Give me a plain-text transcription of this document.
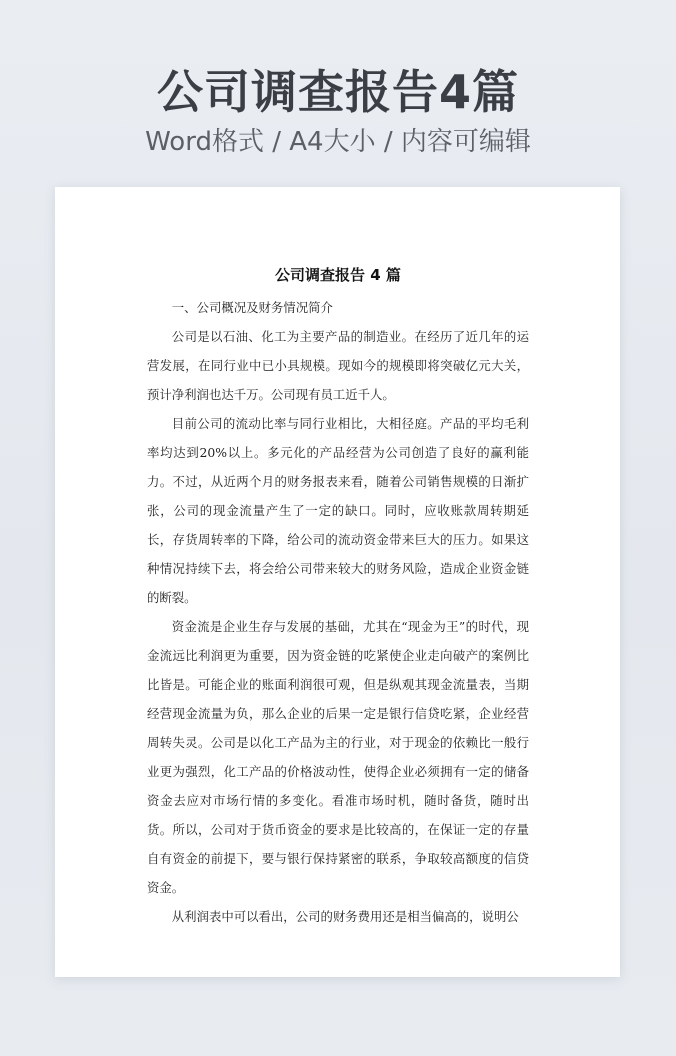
公司调查报告4篇
Word格式 / A4大小 / 内容可编辑
公司调查报告 4 篇

一、公司概况及财务情况简介

公司是以石油、化工为主要产品的制造业。在经历了近几年的运营发展，在同行业中已小具规模。现如今的规模即将突破亿元大关，预计净利润也达千万。公司现有员工近千人。

目前公司的流动比率与同行业相比，大相径庭。产品的平均毛利率均达到20%以上。多元化的产品经营为公司创造了良好的赢利能力。不过，从近两个月的财务报表来看，随着公司销售规模的日渐扩张，公司的现金流量产生了一定的缺口。同时，应收账款周转期延长，存货周转率的下降，给公司的流动资金带来巨大的压力。如果这种情况持续下去，将会给公司带来较大的财务风险，造成企业资金链的断裂。

资金流是企业生存与发展的基础，尤其在“现金为王”的时代，现金流远比利润更为重要，因为资金链的吃紧使企业走向破产的案例比比皆是。可能企业的账面利润很可观，但是纵观其现金流量表，当期经营现金流量为负，那么企业的后果一定是银行信贷吃紧，企业经营周转失灵。公司是以化工产品为主的行业，对于现金的依赖比一般行业更为强烈，化工产品的价格波动性，使得企业必须拥有一定的储备资金去应对市场行情的多变化。看准市场时机，随时备货，随时出货。所以，公司对于货币资金的要求是比较高的，在保证一定的存量自有资金的前提下，要与银行保持紧密的联系，争取较高额度的信贷资金。

从利润表中可以看出，公司的财务费用还是相当偏高的，说明公
